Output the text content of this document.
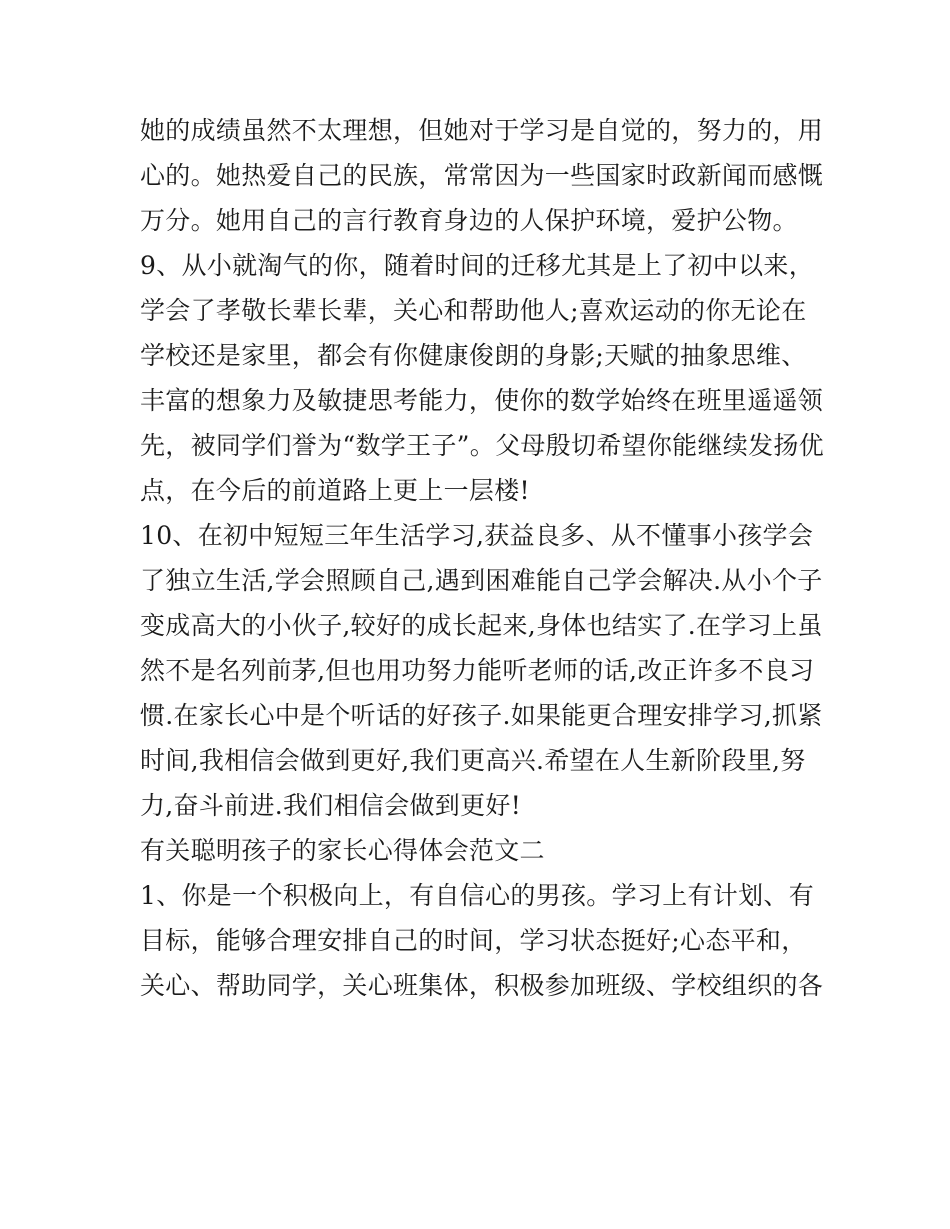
她的成绩虽然不太理想，但她对于学习是自觉的，努力的，用

心的。她热爱自己的民族，常常因为一些国家时政新闻而感慨

万分。她用自己的言行教育身边的人保护环境，爱护公物。

9、从小就淘气的你，随着时间的迁移尤其是上了初中以来，

学会了孝敬长辈长辈，关心和帮助他人;喜欢运动的你无论在

学校还是家里，都会有你健康俊朗的身影;天赋的抽象思维、

丰富的想象力及敏捷思考能力，使你的数学始终在班里遥遥领

先，被同学们誉为“数学王子”。父母殷切希望你能继续发扬优

点，在今后的前道路上更上一层楼!

10、在初中短短三年生活学习,获益良多、从不懂事小孩学会

了独立生活,学会照顾自己,遇到困难能自己学会解决.从小个子

变成高大的小伙子,较好的成长起来,身体也结实了.在学习上虽

然不是名列前茅,但也用功努力能听老师的话,改正许多不良习

惯.在家长心中是个听话的好孩子.如果能更合理安排学习,抓紧

时间,我相信会做到更好,我们更高兴.希望在人生新阶段里,努

力,奋斗前进.我们相信会做到更好!

有关聪明孩子的家长心得体会范文二

1、你是一个积极向上，有自信心的男孩。学习上有计划、有

目标，能够合理安排自己的时间，学习状态挺好;心态平和，

关心、帮助同学，关心班集体，积极参加班级、学校组织的各
